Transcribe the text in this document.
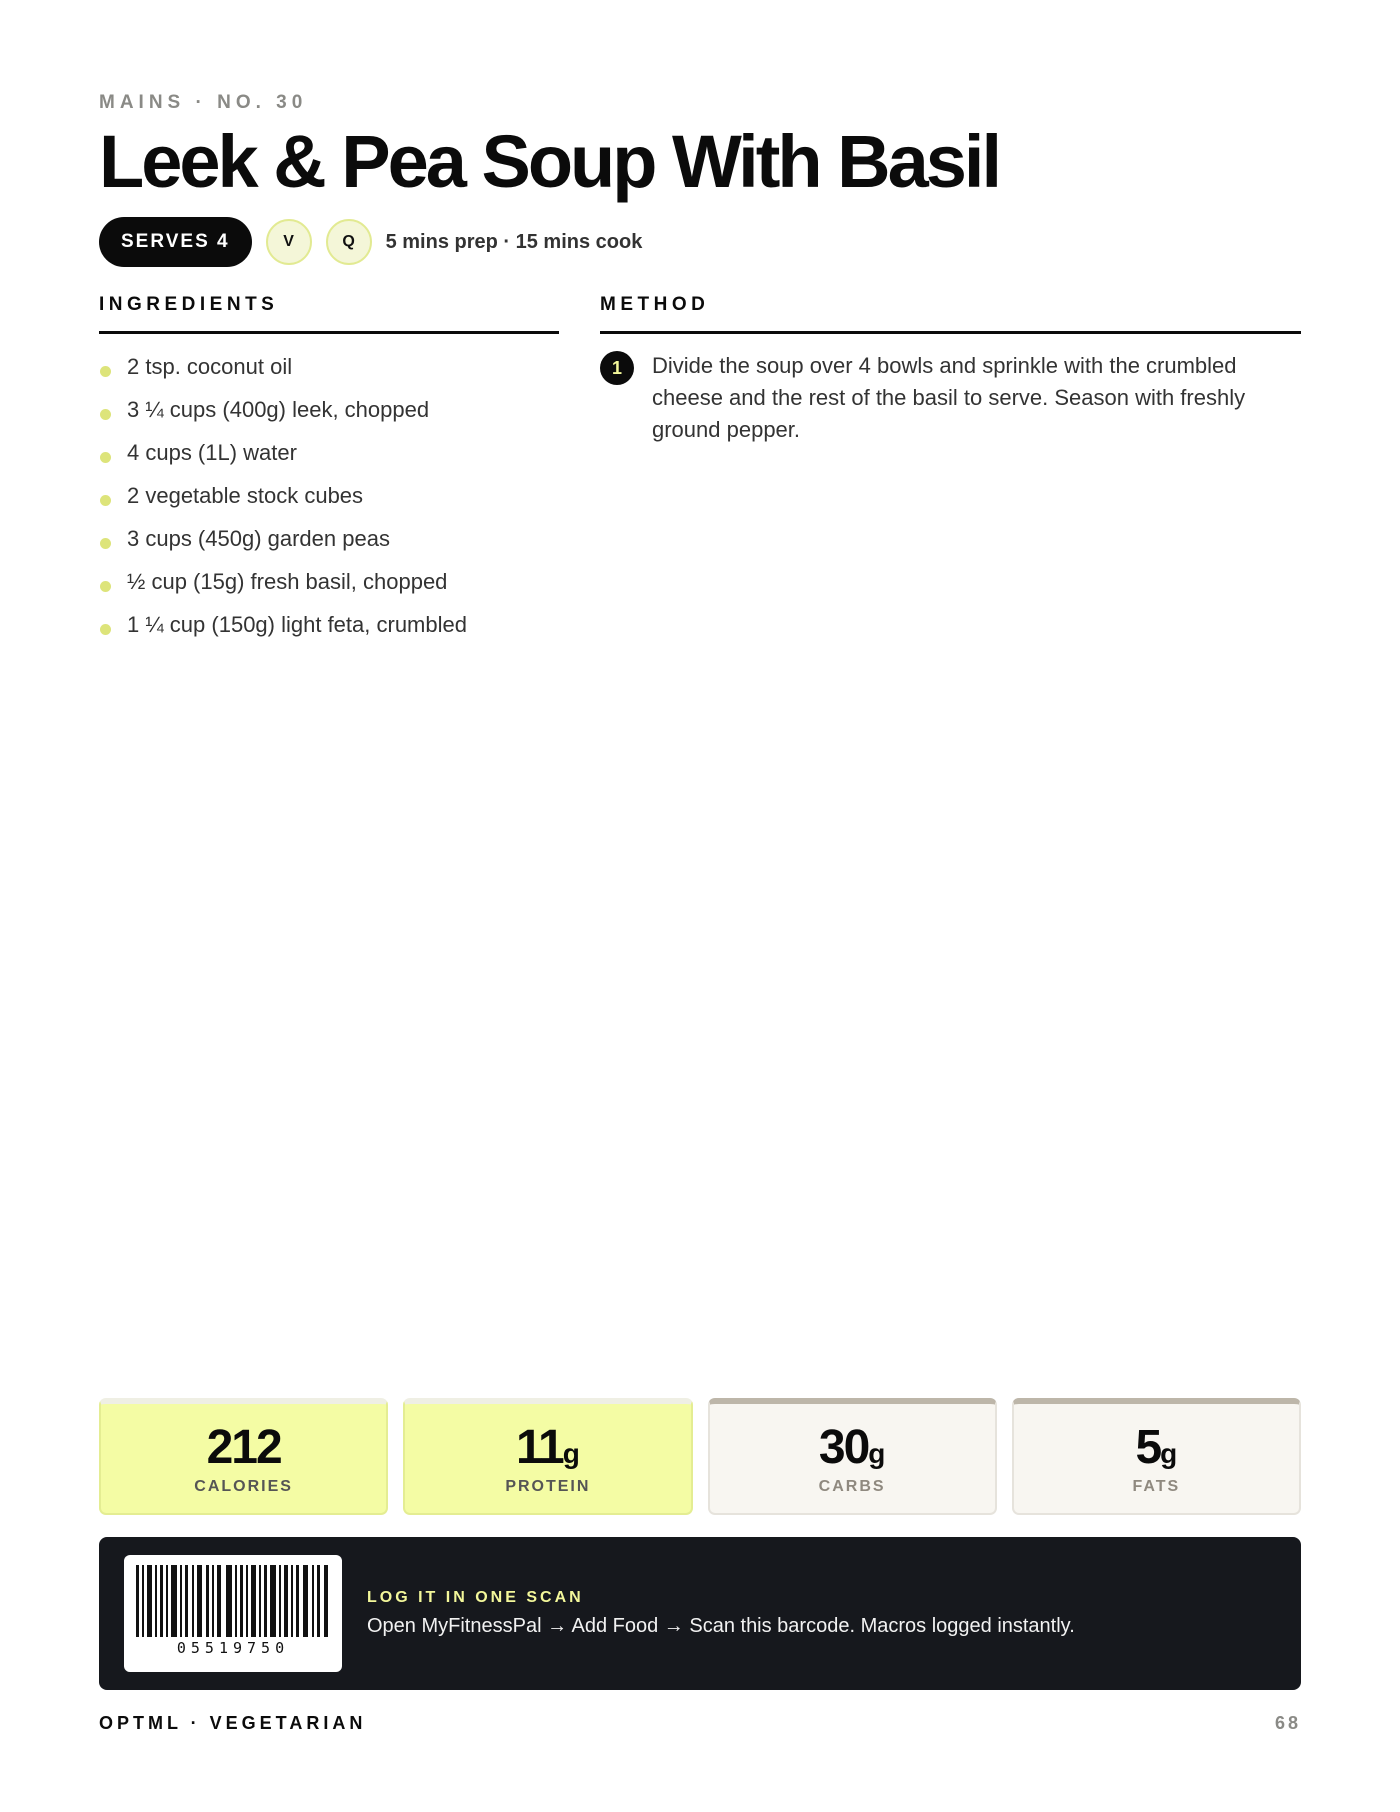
MAINS · NO. 30
Leek & Pea Soup With Basil
SERVES 4	V	Q	5 mins prep · 15 mins cook
INGREDIENTS	METHOD
2 tsp. coconut oil
3 ¼ cups (400g) leek, chopped
4 cups (1L) water
2 vegetable stock cubes
3 cups (450g) garden peas
½ cup (15g) fresh basil, chopped
1 ¼ cup (150g) light feta, crumbled
1	Divide the soup over 4 bowls and sprinkle with the crumbled cheese and the rest of the basil to serve. Season with freshly ground pepper.
212
CALORIES
11g
PROTEIN
30g
CARBS
5g
FATS
05519750
LOG IT IN ONE SCAN
Open MyFitnessPal → Add Food → Scan this barcode. Macros logged instantly.
OPTML · VEGETARIAN	68
